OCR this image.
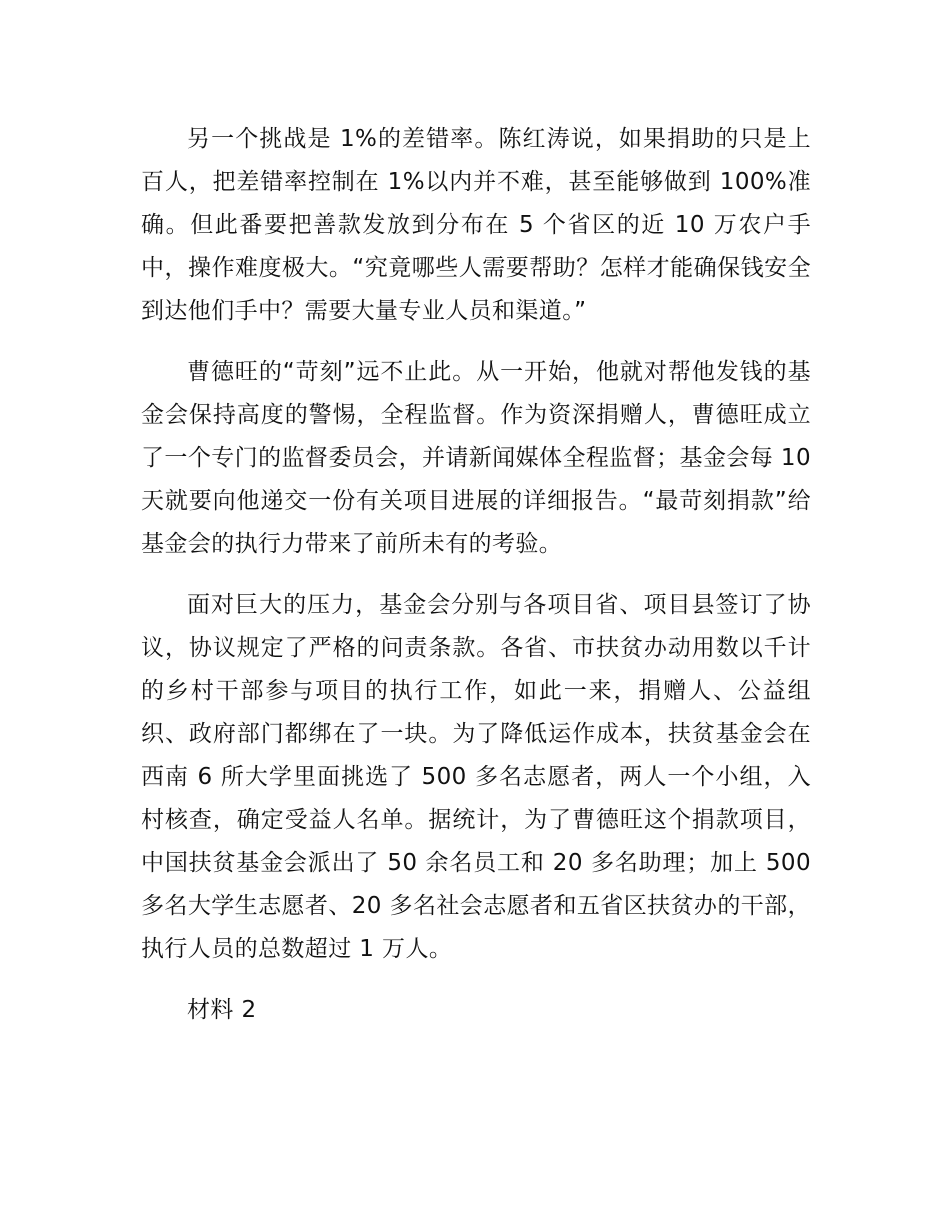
另一个挑战是 1%的差错率。陈红涛说，如果捐助的只是上百人，把差错率控制在 1%以内并不难，甚至能够做到 100%准确。但此番要把善款发放到分布在 5 个省区的近 10 万农户手中，操作难度极大。“究竟哪些人需要帮助？怎样才能确保钱安全到达他们手中？需要大量专业人员和渠道。”

曹德旺的“苛刻”远不止此。从一开始，他就对帮他发钱的基金会保持高度的警惕，全程监督。作为资深捐赠人，曹德旺成立了一个专门的监督委员会，并请新闻媒体全程监督；基金会每 10 天就要向他递交一份有关项目进展的详细报告。“最苛刻捐款”给基金会的执行力带来了前所未有的考验。

面对巨大的压力，基金会分别与各项目省、项目县签订了协议，协议规定了严格的问责条款。各省、市扶贫办动用数以千计的乡村干部参与项目的执行工作，如此一来，捐赠人、公益组织、政府部门都绑在了一块。为了降低运作成本，扶贫基金会在西南 6 所大学里面挑选了 500 多名志愿者，两人一个小组，入村核查，确定受益人名单。据统计，为了曹德旺这个捐款项目，中国扶贫基金会派出了 50 余名员工和 20 多名助理；加上 500 多名大学生志愿者、20 多名社会志愿者和五省区扶贫办的干部，执行人员的总数超过 1 万人。

材料 2
